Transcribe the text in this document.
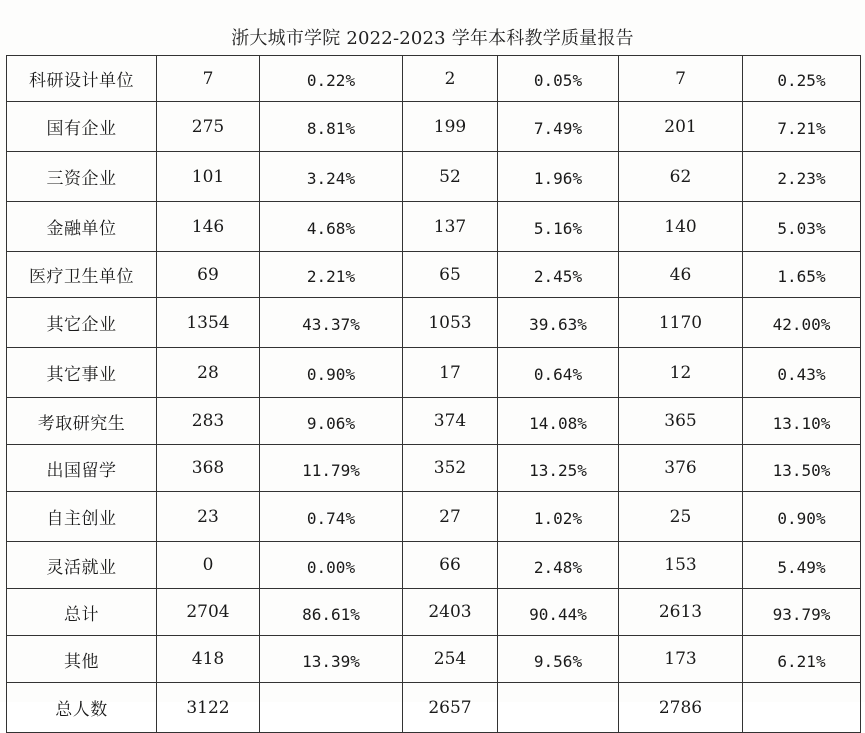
浙大城市学院 2022-2023 学年本科教学质量报告
科研设计单位	7	0.22%	2	0.05%	7	0.25%
国有企业	275	8.81%	199	7.49%	201	7.21%
三资企业	101	3.24%	52	1.96%	62	2.23%
金融单位	146	4.68%	137	5.16%	140	5.03%
医疗卫生单位	69	2.21%	65	2.45%	46	1.65%
其它企业	1354	43.37%	1053	39.63%	1170	42.00%
其它事业	28	0.90%	17	0.64%	12	0.43%
考取研究生	283	9.06%	374	14.08%	365	13.10%
出国留学	368	11.79%	352	13.25%	376	13.50%
自主创业	23	0.74%	27	1.02%	25	0.90%
灵活就业	0	0.00%	66	2.48%	153	5.49%
总计	2704	86.61%	2403	90.44%	2613	93.79%
其他	418	13.39%	254	9.56%	173	6.21%
总人数	3122		2657		2786	
